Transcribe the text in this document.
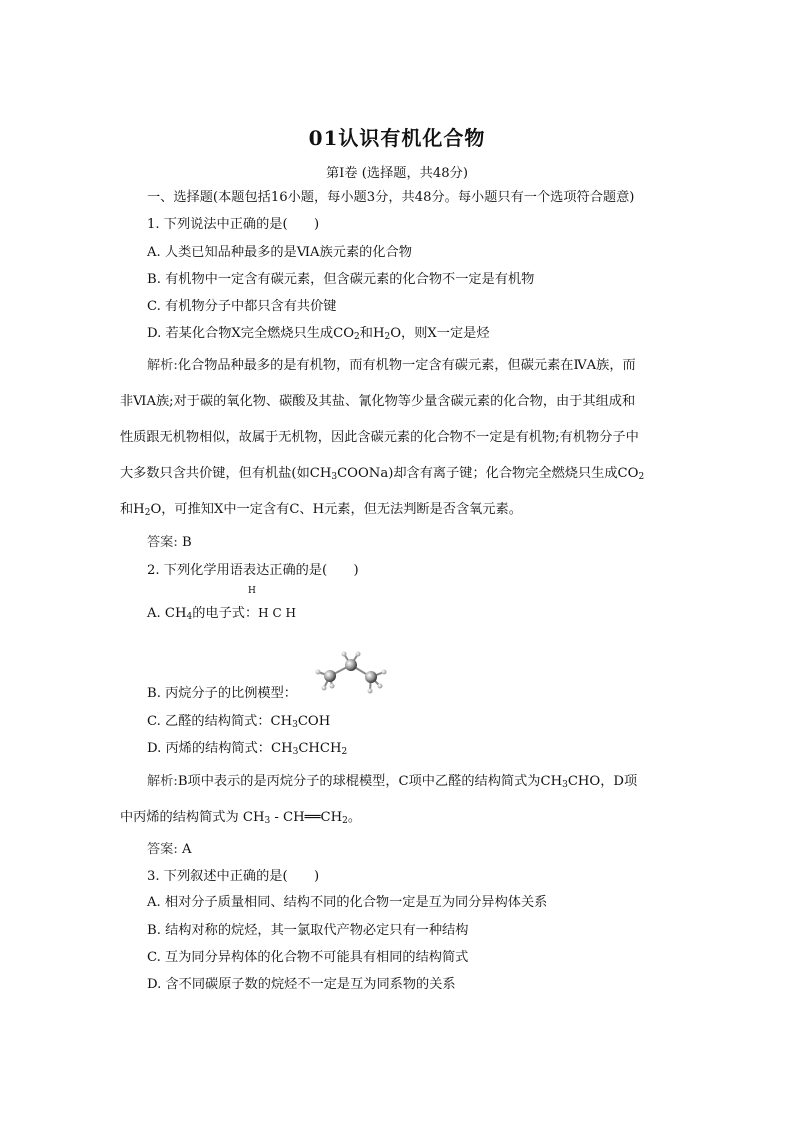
01认识有机化合物
第Ⅰ卷 (选择题，共48分)
一、选择题(本题包括16小题，每小题3分，共48分。每小题只有一个选项符合题意)
1. 下列说法中正确的是(　　)
A. 人类已知品种最多的是ⅥA族元素的化合物
B. 有机物中一定含有碳元素，但含碳元素的化合物不一定是有机物
C. 有机物分子中都只含有共价键
D. 若某化合物X完全燃烧只生成$CO_2$和$H_2O$，则X一定是烃
解析:化合物品种最多的是有机物，而有机物一定含有碳元素，但碳元素在ⅣA族，而
非ⅥA族;对于碳的氧化物、碳酸及其盐、氰化物等少量含碳元素的化合物，由于其组成和
性质跟无机物相似，故属于无机物，因此含碳元素的化合物不一定是有机物;有机物分子中
大多数只含共价键，但有机盐(如$CH_3COONa$)却含有离子键；化合物完全燃烧只生成$CO_2$
和$H_2O$，可推知X中一定含有C、H元素，但无法判断是否含氧元素。
答案: B
2. 下列化学用语表达正确的是(　　)
H
A. $CH_4$的电子式：H C H
B. 丙烷分子的比例模型：
C. 乙醛的结构简式：$CH_3COH$
D. 丙烯的结构简式：$CH_3CHCH_2$
解析:B项中表示的是丙烷分子的球棍模型，C项中乙醛的结构简式为$CH_3CHO$，D项
中丙烯的结构简式为 $CH_3$ - $CH══CH_2$。
答案: A
3. 下列叙述中正确的是(　　)
A. 相对分子质量相同、结构不同的化合物一定是互为同分异构体关系
B. 结构对称的烷烃，其一氯取代产物必定只有一种结构
C. 互为同分异构体的化合物不可能具有相同的结构简式
D. 含不同碳原子数的烷烃不一定是互为同系物的关系
